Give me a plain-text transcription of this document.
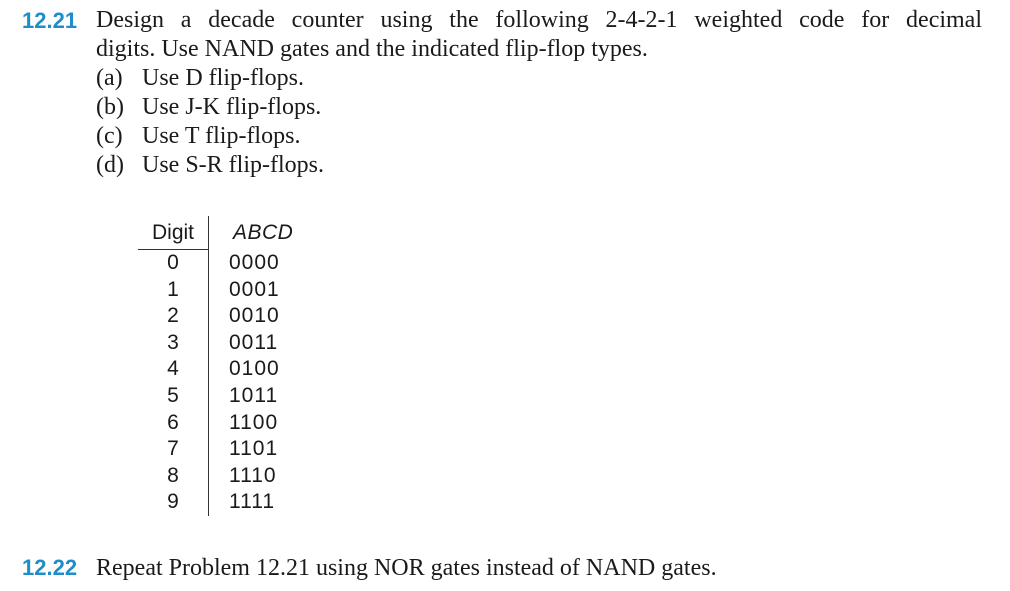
12.21 Design a decade counter using the following 2-4-2-1 weighted code for decimal
digits. Use NAND gates and the indicated flip-flop types.
(a) Use D flip-flops.
(b) Use J-K flip-flops.
(c) Use T flip-flops.
(d) Use S-R flip-flops.
Digit	ABCD
0	0000
1	0001
2	0010
3	0011
4	0100
5	1011
6	1100
7	1101
8	1110
9	1111
12.22 Repeat Problem 12.21 using NOR gates instead of NAND gates.
